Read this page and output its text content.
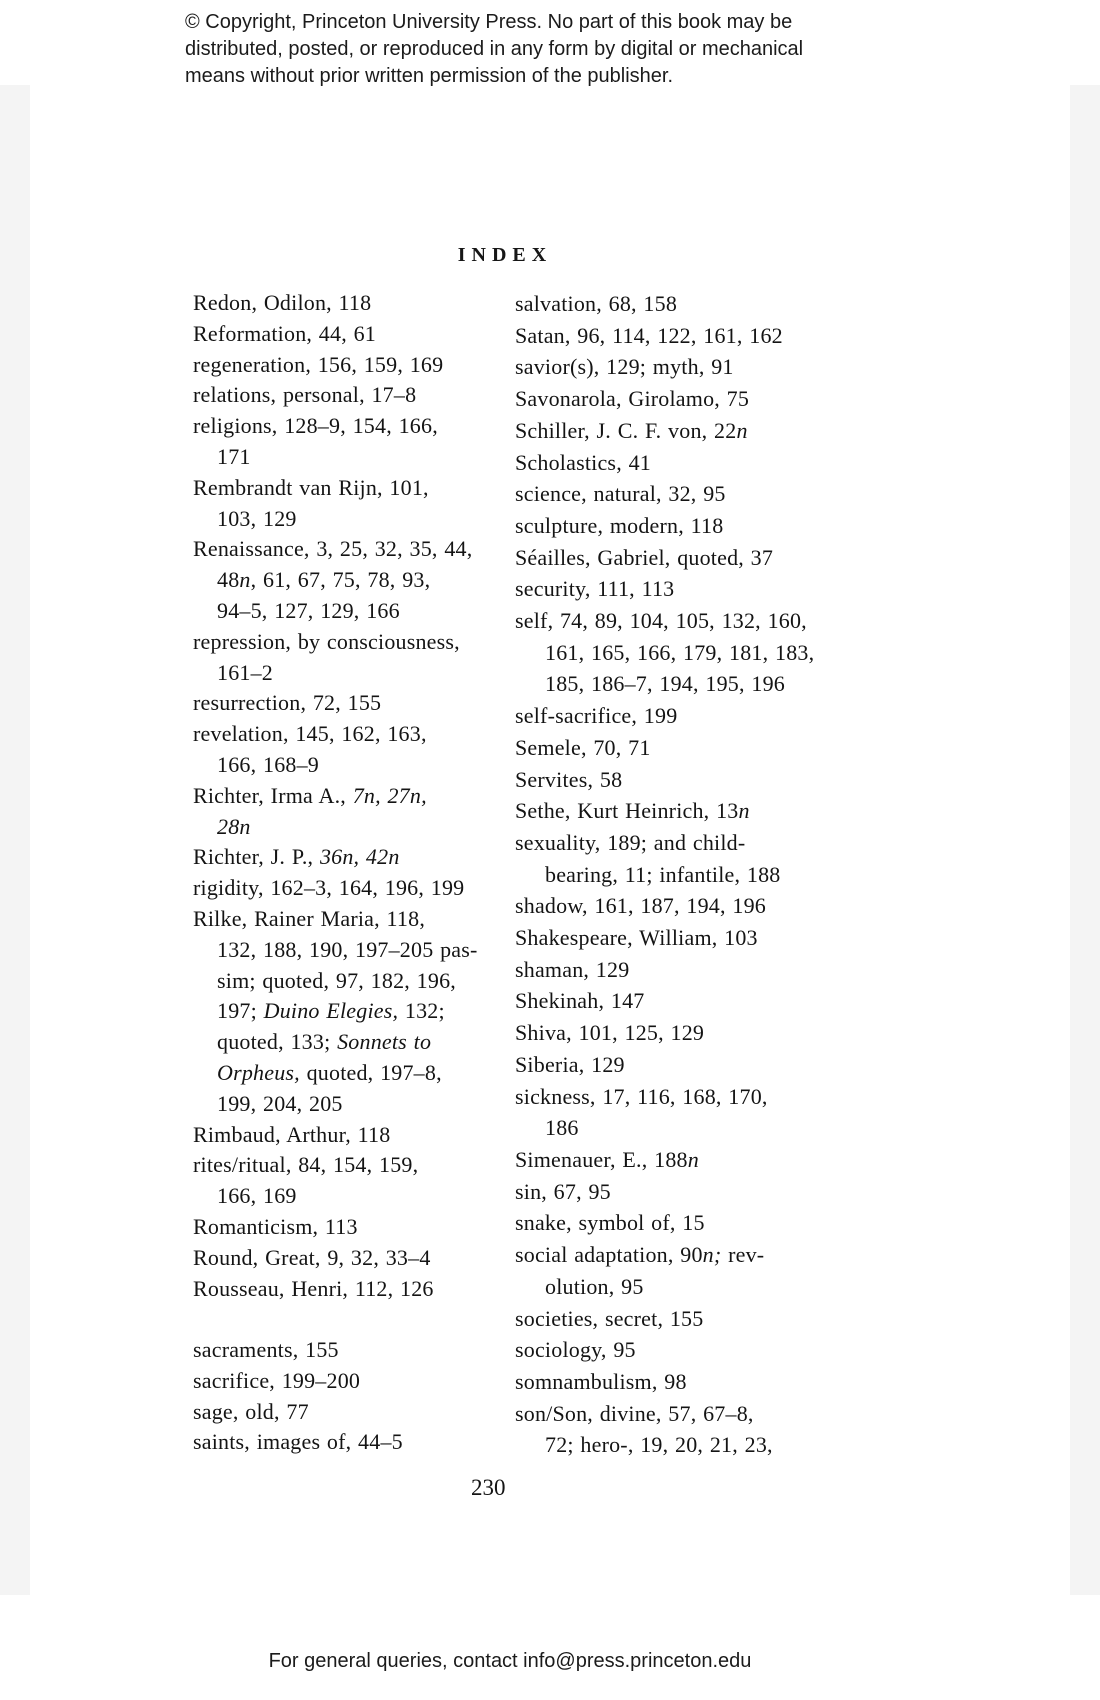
© Copyright, Princeton University Press. No part of this book may be
distributed, posted, or reproduced in any form by digital or mechanical
means without prior written permission of the publisher.
INDEX
Redon, Odilon, 118
Reformation, 44, 61
regeneration, 156, 159, 169
relations, personal, 17–8
religions, 128–9, 154, 166,
171
Rembrandt van Rijn, 101,
103, 129
Renaissance, 3, 25, 32, 35, 44,
48n, 61, 67, 75, 78, 93,
94–5, 127, 129, 166
repression, by consciousness,
161–2
resurrection, 72, 155
revelation, 145, 162, 163,
166, 168–9
Richter, Irma A., 7n, 27n,
28n
Richter, J. P., 36n, 42n
rigidity, 162–3, 164, 196, 199
Rilke, Rainer Maria, 118,
132, 188, 190, 197–205 pas-
sim; quoted, 97, 182, 196,
197; Duino Elegies, 132;
quoted, 133; Sonnets to
Orpheus, quoted, 197–8,
199, 204, 205
Rimbaud, Arthur, 118
rites/ritual, 84, 154, 159,
166, 169
Romanticism, 113
Round, Great, 9, 32, 33–4
Rousseau, Henri, 112, 126
sacraments, 155
sacrifice, 199–200
sage, old, 77
saints, images of, 44–5
salvation, 68, 158
Satan, 96, 114, 122, 161, 162
savior(s), 129; myth, 91
Savonarola, Girolamo, 75
Schiller, J. C. F. von, 22n
Scholastics, 41
science, natural, 32, 95
sculpture, modern, 118
Séailles, Gabriel, quoted, 37
security, 111, 113
self, 74, 89, 104, 105, 132, 160,
161, 165, 166, 179, 181, 183,
185, 186–7, 194, 195, 196
self-sacrifice, 199
Semele, 70, 71
Servites, 58
Sethe, Kurt Heinrich, 13n
sexuality, 189; and child-
bearing, 11; infantile, 188
shadow, 161, 187, 194, 196
Shakespeare, William, 103
shaman, 129
Shekinah, 147
Shiva, 101, 125, 129
Siberia, 129
sickness, 17, 116, 168, 170,
186
Simenauer, E., 188n
sin, 67, 95
snake, symbol of, 15
social adaptation, 90n; rev-
olution, 95
societies, secret, 155
sociology, 95
somnambulism, 98
son/Son, divine, 57, 67–8,
72; hero-, 19, 20, 21, 23,
230
For general queries, contact info@press.princeton.edu
